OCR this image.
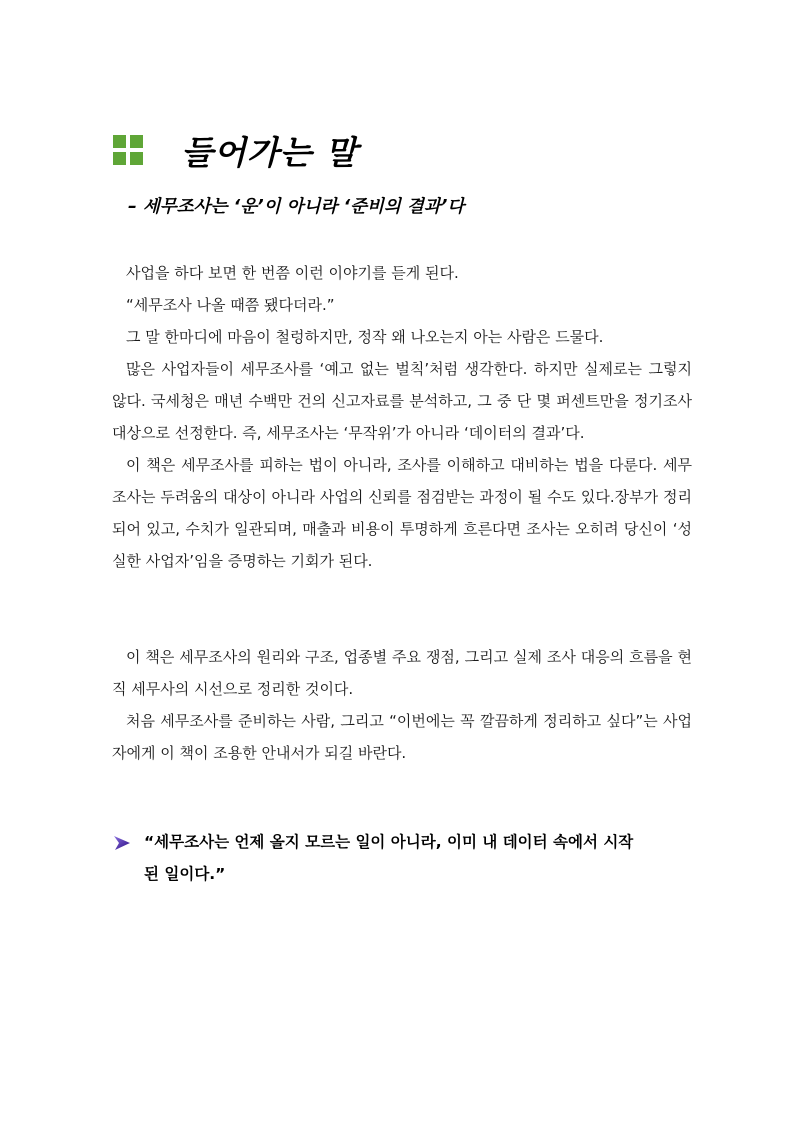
들어가는 말
– 세무조사는 ‘운’이 아니라 ‘준비의 결과’다

사업을 하다 보면 한 번쯤 이런 이야기를 듣게 된다.

“세무조사 나올 때쯤 됐다더라.”

그 말 한마디에 마음이 철렁하지만, 정작 왜 나오는지 아는 사람은 드물다.

많은 사업자들이 세무조사를 ‘예고 없는 벌칙’처럼 생각한다. 하지만 실제로는 그렇지 않다. 국세청은 매년 수백만 건의 신고자료를 분석하고, 그 중 단 몇 퍼센트만을 정기조사 대상으로 선정한다. 즉, 세무조사는 ‘무작위’가 아니라 ‘데이터의 결과’다.

이 책은 세무조사를 피하는 법이 아니라, 조사를 이해하고 대비하는 법을 다룬다. 세무조사는 두려움의 대상이 아니라 사업의 신뢰를 점검받는 과정이 될 수도 있다.장부가 정리되어 있고, 수치가 일관되며, 매출과 비용이 투명하게 흐른다면 조사는 오히려 당신이 ‘성실한 사업자’임을 증명하는 기회가 된다.

이 책은 세무조사의 원리와 구조, 업종별 주요 쟁점, 그리고 실제 조사 대응의 흐름을 현직 세무사의 시선으로 정리한 것이다.

처음 세무조사를 준비하는 사람, 그리고 “이번에는 꼭 깔끔하게 정리하고 싶다”는 사업자에게 이 책이 조용한 안내서가 되길 바란다.

“세무조사는 언제 올지 모르는 일이 아니라, 이미 내 데이터 속에서 시작
된 일이다.”
